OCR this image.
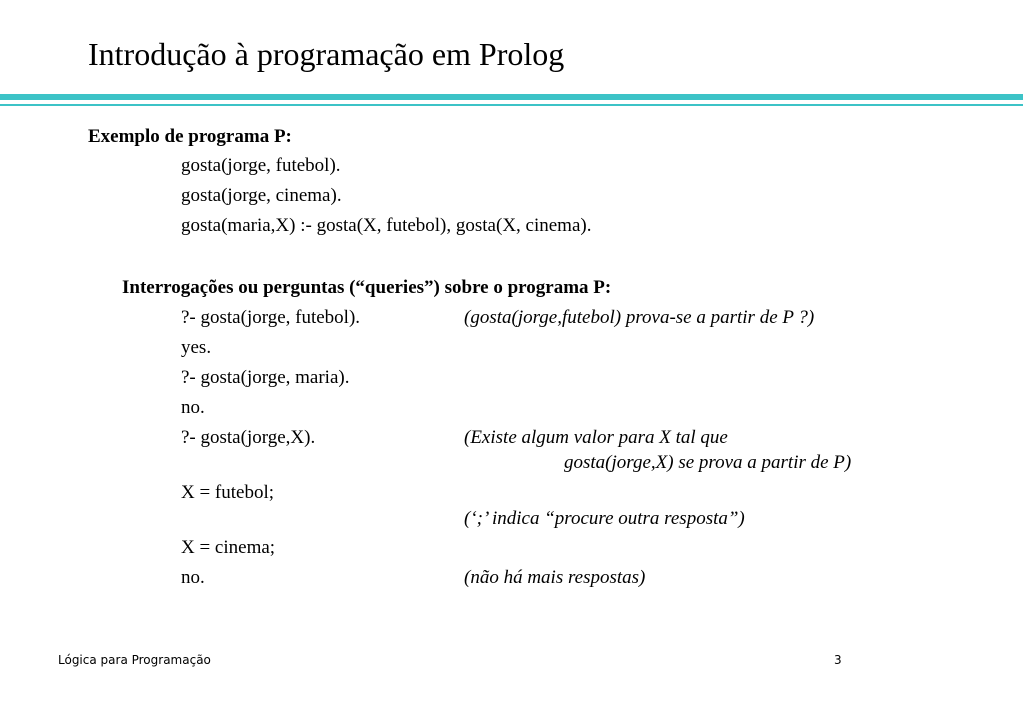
Introdução à programação em Prolog
Exemplo de programa P:
gosta(jorge, futebol).
gosta(jorge, cinema).
gosta(maria,X) :- gosta(X, futebol), gosta(X, cinema).
Interrogações ou perguntas (“queries”) sobre o programa P:
?- gosta(jorge, futebol).	(gosta(jorge,futebol) prova-se a partir de P ?)
yes.
?- gosta(jorge, maria).
no.
?- gosta(jorge,X).	(Existe algum valor para X tal que
gosta(jorge,X) se prova a partir de P)
X = futebol;
(‘;’ indica “procure outra resposta”)
X = cinema;
no.	(não há mais respostas)
Lógica para Programação	3
